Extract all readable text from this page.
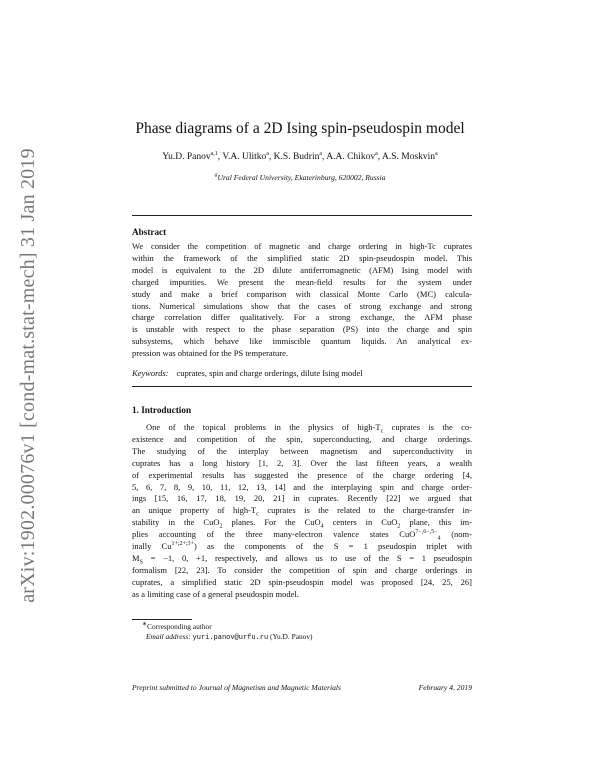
arXiv:1902.00076v1 [cond-mat.stat-mech] 31 Jan 2019
Phase diagrams of a 2D Ising spin-pseudospin model
Yu.D. Panov$^{a,1}$, V.A. Ulitko$^a$, K.S. Budrin$^a$, A.A. Chikov$^a$, A.S. Moskvin$^a$
$^a$Ural Federal University, Ekaterinburg, 620002, Russia
Abstract
We consider the competition of magnetic and charge ordering in high-Tc cuprates
within the framework of the simplified static 2D spin-pseudospin model. This
model is equivalent to the 2D dilute antiferromagnetic (AFM) Ising model with
charged impurities. We present the mean-field results for the system under
study and make a brief comparison with classical Monte Carlo (MC) calcula-
tions. Numerical simulations show that the cases of strong exchange and strong
charge correlation differ qualitatively. For a strong exchange, the AFM phase
is unstable with respect to the phase separation (PS) into the charge and spin
subsystems, which behave like immiscible quantum liquids. An analytical ex-
pression was obtained for the PS temperature.
Keywords: cuprates, spin and charge orderings, dilute Ising model
1. Introduction
One of the topical problems in the physics of high-$T_c$ cuprates is the co-
existence and competition of the spin, superconducting, and charge orderings.
The studying of the interplay between magnetism and superconductivity in
cuprates has a long history [1, 2, 3]. Over the last fifteen years, a wealth
of experimental results has suggested the presence of the charge ordering [4,
5, 6, 7, 8, 9, 10, 11, 12, 13, 14] and the interplaying spin and charge order-
ings [15, 16, 17, 18, 19, 20, 21] in cuprates. Recently [22] we argued that
an unique property of high-$T_c$ cuprates is the related to the charge-transfer in-
stability in the CuO$_2$ planes. For the CuO$_4$ centers in CuO$_2$ plane, this im-
plies accounting of the three many-electron valence states CuO$^{7-,6-,5-}_4$ (nom-
inally $Cu^{1+;2+;3+}$) as the components of the S = 1 pseudospin triplet with
$M_S = -1$, 0, +1, respectively, and allows us to use of the S = 1 pseudospin
formalism [22, 23]. To consider the competition of spin and charge orderings in
cuprates, a simplified static 2D spin-pseudospin model was proposed [24, 25, 26]
as a limiting case of a general pseudospin model.
∗Corresponding author
Email address: yuri.panov@urfu.ru (Yu.D. Panov)
Preprint submitted to Journal of Magnetism and Magnetic Materials	February 4, 2019
